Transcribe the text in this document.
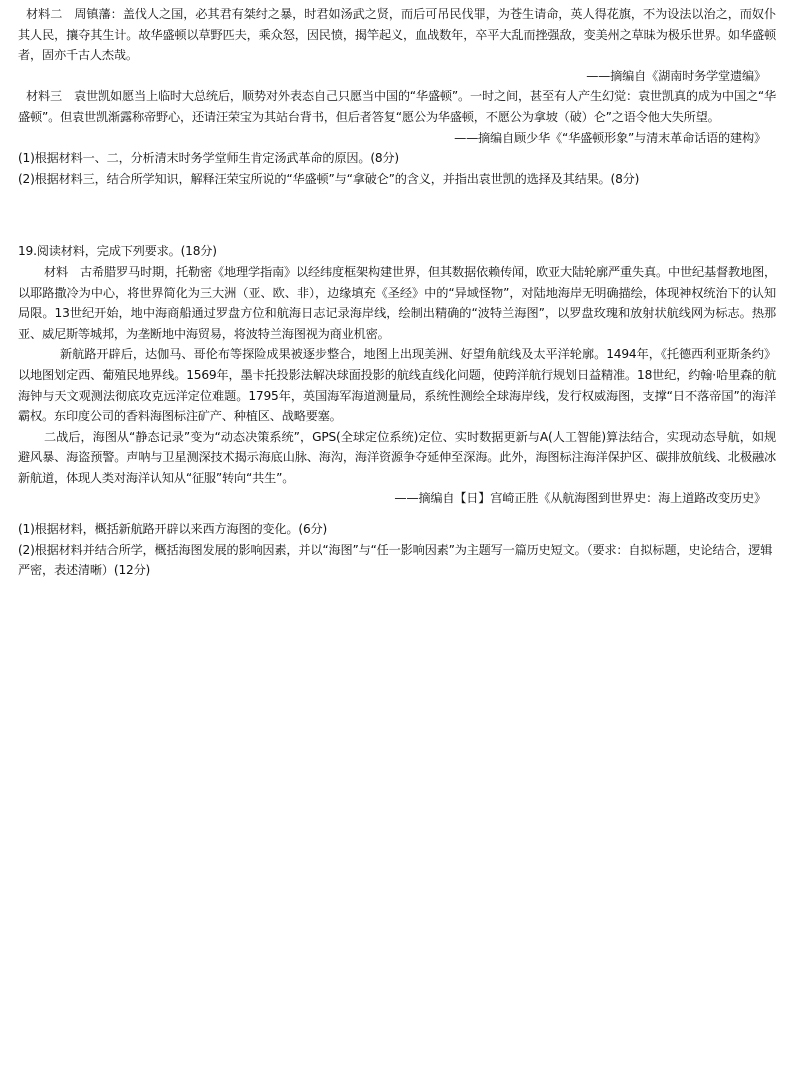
材料二 周镇藩：盖伐人之国，必其君有桀纣之暴，时君如汤武之贤，而后可吊民伐罪，为苍生请命，英人得花旗，不为设法以治之，而奴仆其人民，攘夺其生计。故华盛顿以草野匹夫，乘众怒，因民愤，揭竿起义，血战数年，卒平大乱而挫强敌，变美州之草昧为极乐世界。如华盛顿者，固亦千古人杰哉。

——摘编自《湖南时务学堂遗编》

材料三 袁世凯如愿当上临时大总统后，顺势对外表态自己只愿当中国的“华盛顿”。一时之间，甚至有人产生幻觉：袁世凯真的成为中国之“华盛顿”。但袁世凯渐露称帝野心，还请汪荣宝为其站台背书，但后者答复“愿公为华盛顿，不愿公为拿坡（破）仑”之语令他大失所望。

——摘编自顾少华《“华盛顿形象”与清末革命话语的建构》

(1)根据材料一、二，分析清末时务学堂师生肯定汤武革命的原因。(8分)

(2)根据材料三，结合所学知识，解释汪荣宝所说的“华盛顿”与“拿破仑”的含义，并指出袁世凯的选择及其结果。(8分)

19.阅读材料，完成下列要求。(18分)

材料 古希腊罗马时期，托勒密《地理学指南》以经纬度框架构建世界，但其数据依赖传闻，欧亚大陆轮廓严重失真。中世纪基督教地图，以耶路撒冷为中心，将世界简化为三大洲（亚、欧、非），边缘填充《圣经》中的“异域怪物”，对陆地海岸无明确描绘，体现神权统治下的认知局限。13世纪开始，地中海商船通过罗盘方位和航海日志记录海岸线，绘制出精确的“波特兰海图”，以罗盘玫瑰和放射状航线网为标志。热那亚、威尼斯等城邦，为垄断地中海贸易，将波特兰海图视为商业机密。

新航路开辟后，达伽马、哥伦布等探险成果被逐步整合，地图上出现美洲、好望角航线及太平洋轮廓。1494年，《托德西利亚斯条约》以地图划定西、葡殖民地界线。1569年，墨卡托投影法解决球面投影的航线直线化问题，使跨洋航行规划日益精准。18世纪，约翰·哈里森的航海钟与天文观测法彻底攻克远洋定位难题。1795年，英国海军海道测量局，系统性测绘全球海岸线，发行权威海图，支撑“日不落帝国”的海洋霸权。东印度公司的香料海图标注矿产、种植区、战略要塞。

二战后，海图从“静态记录”变为“动态决策系统”，GPS(全球定位系统)定位、实时数据更新与A(人工智能)算法结合，实现动态导航，如规避风暴、海盗预警。声呐与卫星测深技术揭示海底山脉、海沟，海洋资源争夺延伸至深海。此外，海图标注海洋保护区、碳排放航线、北极融冰新航道，体现人类对海洋认知从“征服”转向“共生”。

——摘编自【日】宫崎正胜《从航海图到世界史：海上道路改变历史》

(1)根据材料，概括新航路开辟以来西方海图的变化。(6分)

(2)根据材料并结合所学，概括海图发展的影响因素，并以“海图”与“任一影响因素”为主题写一篇历史短文。（要求：自拟标题，史论结合，逻辑严密，表述清晰）(12分)
